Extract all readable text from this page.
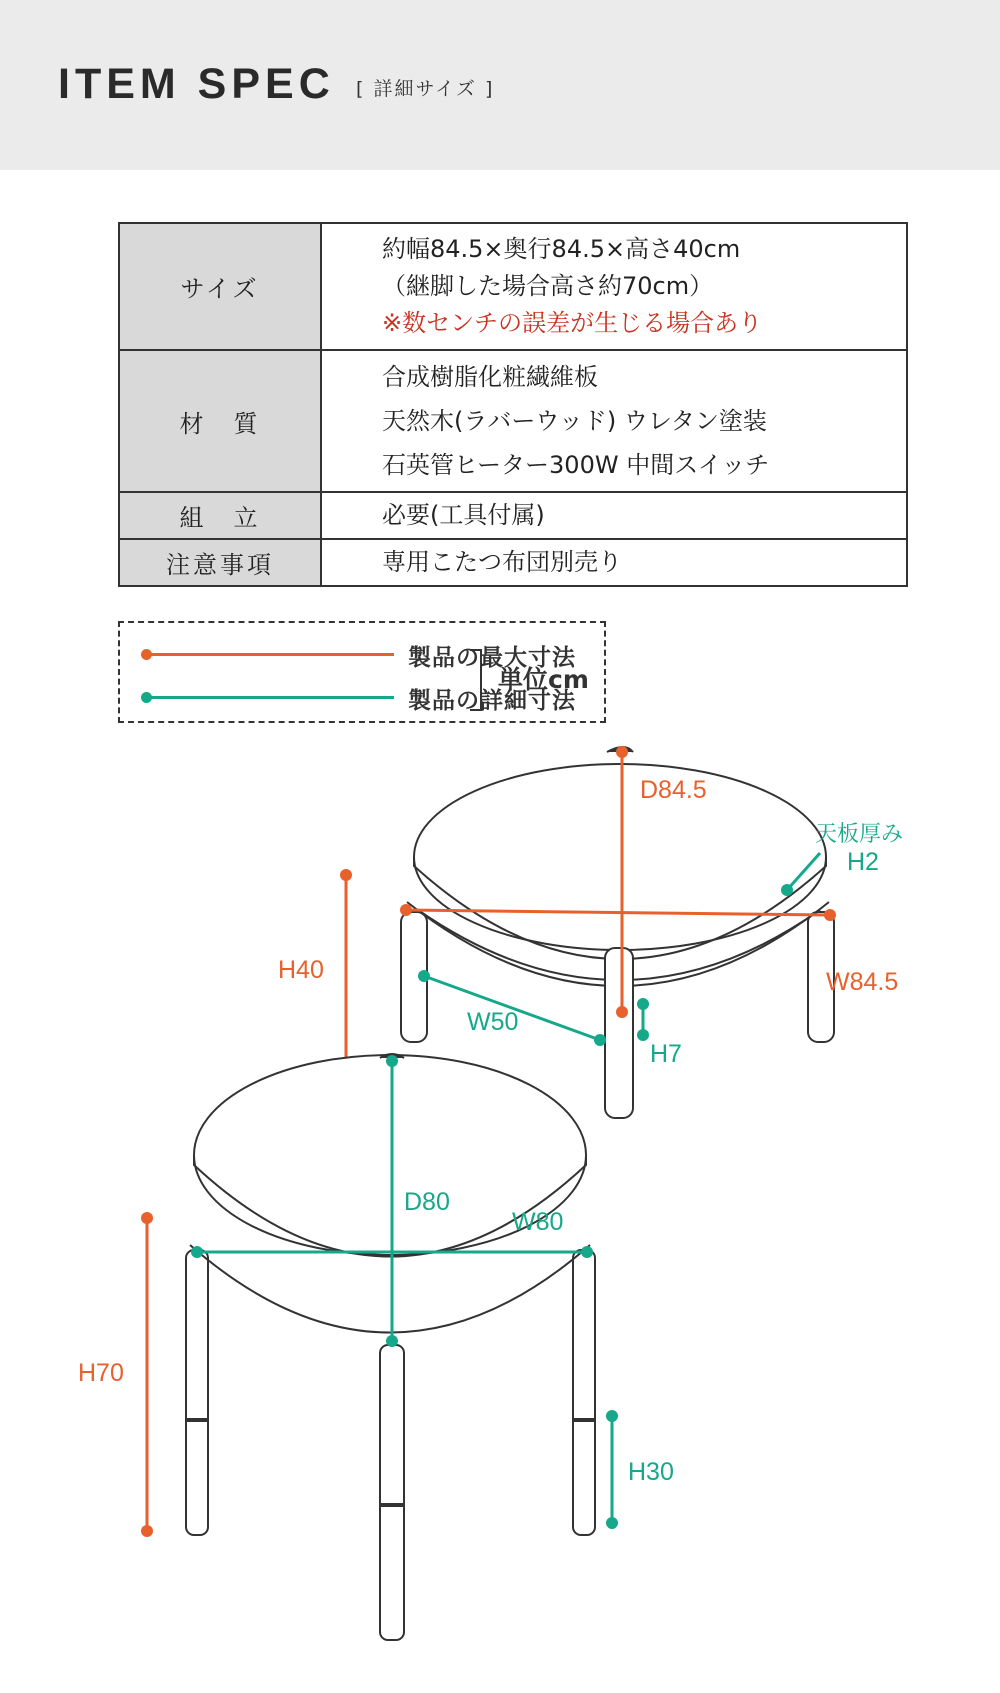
ITEM SPEC [ 詳細サイズ ]
サイズ	約幅84.5×奥行84.5×高さ40cm
（継脚した場合高さ約70cm）
※数センチの誤差が生じる場合あり

材　質	合成樹脂化粧繊維板
天然木(ラバーウッド) ウレタン塗装
石英管ヒーター300W 中間スイッチ

組　立	必要(工具付属)
注意事項	専用こたつ布団別売り
製品の最大寸法
製品の詳細寸法
単位cm
D84.5
W84.5
H40
天板厚み
H2
W50
H7
D80
W80
H70
H30
